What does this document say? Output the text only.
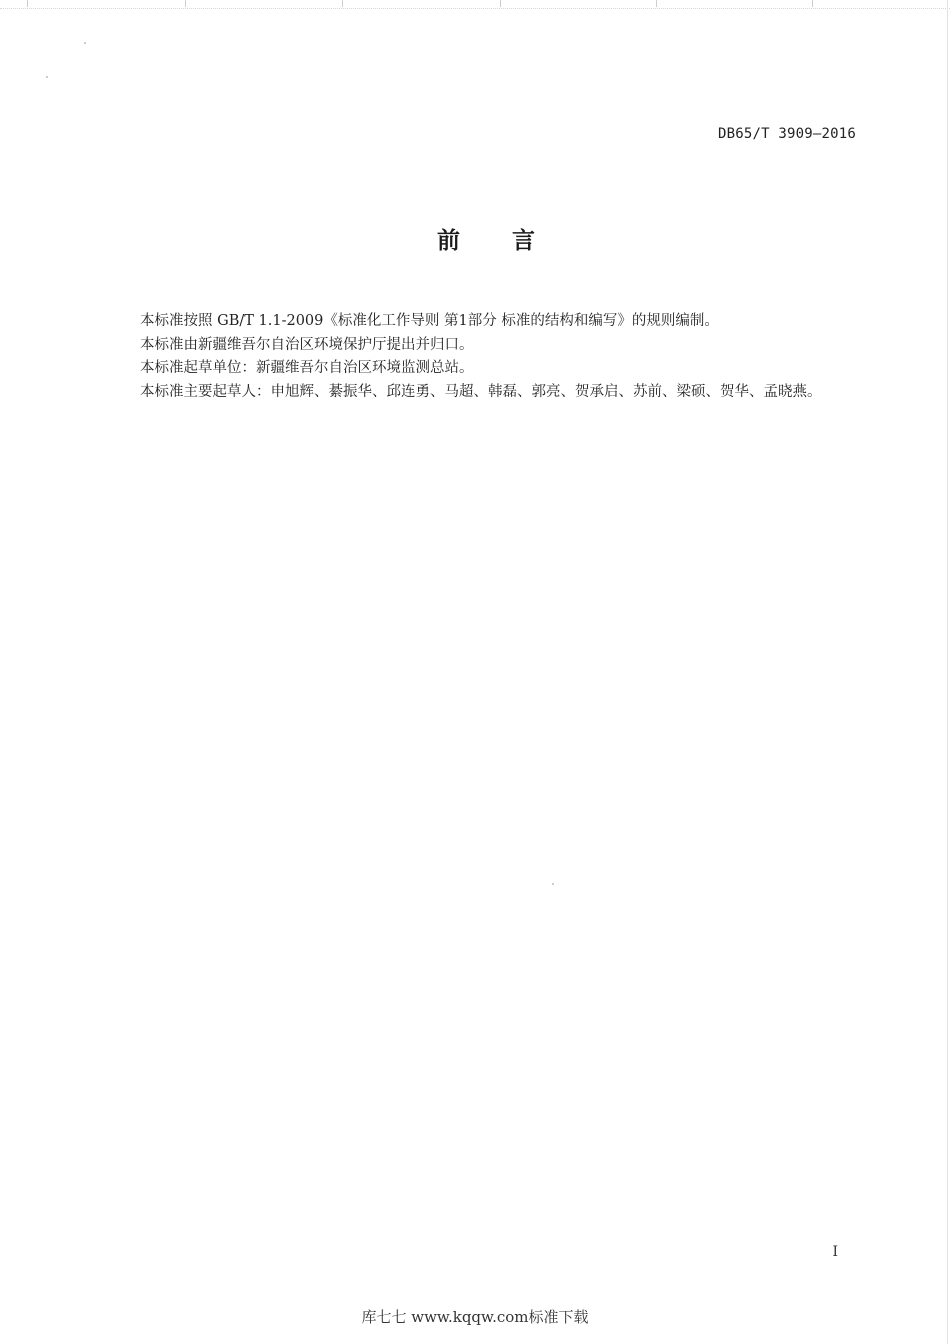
DB65/T 3909—2016
前 言

本标准按照 GB/T 1.1-2009《标准化工作导则 第1部分 标准的结构和编写》的规则编制。

本标准由新疆维吾尔自治区环境保护厅提出并归口。

本标准起草单位：新疆维吾尔自治区环境监测总站。

本标准主要起草人：申旭辉、綦振华、邱连勇、马超、韩磊、郭亮、贺承启、苏前、梁硕、贺华、孟晓燕。

I
库七七 www.kqqw.com标准下载
